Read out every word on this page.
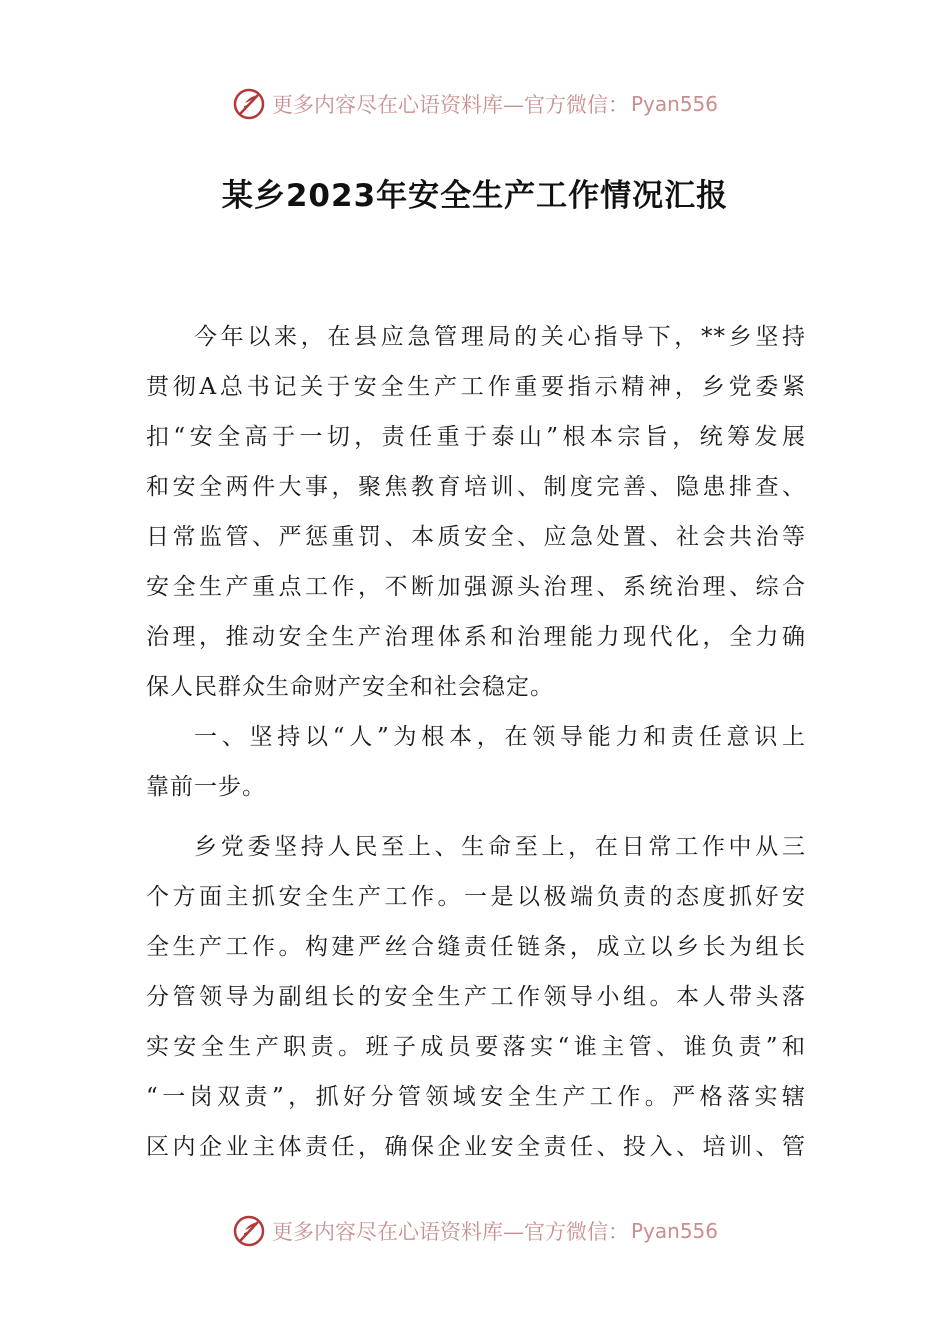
更多内容尽在心语资料库—官方微信： Pyan556
某乡2023年安全生产工作情况汇报
今年以来，在县应急管理局的关心指导下，**乡坚持
贯彻A总书记关于安全生产工作重要指示精神，乡党委紧
扣“安全高于一切，责任重于泰山”根本宗旨，统筹发展
和安全两件大事，聚焦教育培训、制度完善、隐患排查、
日常监管、严惩重罚、本质安全、应急处置、社会共治等
安全生产重点工作，不断加强源头治理、系统治理、综合
治理，推动安全生产治理体系和治理能力现代化，全力确
保人民群众生命财产安全和社会稳定。
一、坚持以“人”为根本，在领导能力和责任意识上
靠前一步。
乡党委坚持人民至上、生命至上，在日常工作中从三
个方面主抓安全生产工作。一是以极端负责的态度抓好安
全生产工作。构建严丝合缝责任链条，成立以乡长为组长
分管领导为副组长的安全生产工作领导小组。本人带头落
实安全生产职责。班子成员要落实“谁主管、谁负责”和
“一岗双责”，抓好分管领域安全生产工作。严格落实辖
区内企业主体责任，确保企业安全责任、投入、培训、管
更多内容尽在心语资料库—官方微信： Pyan556
